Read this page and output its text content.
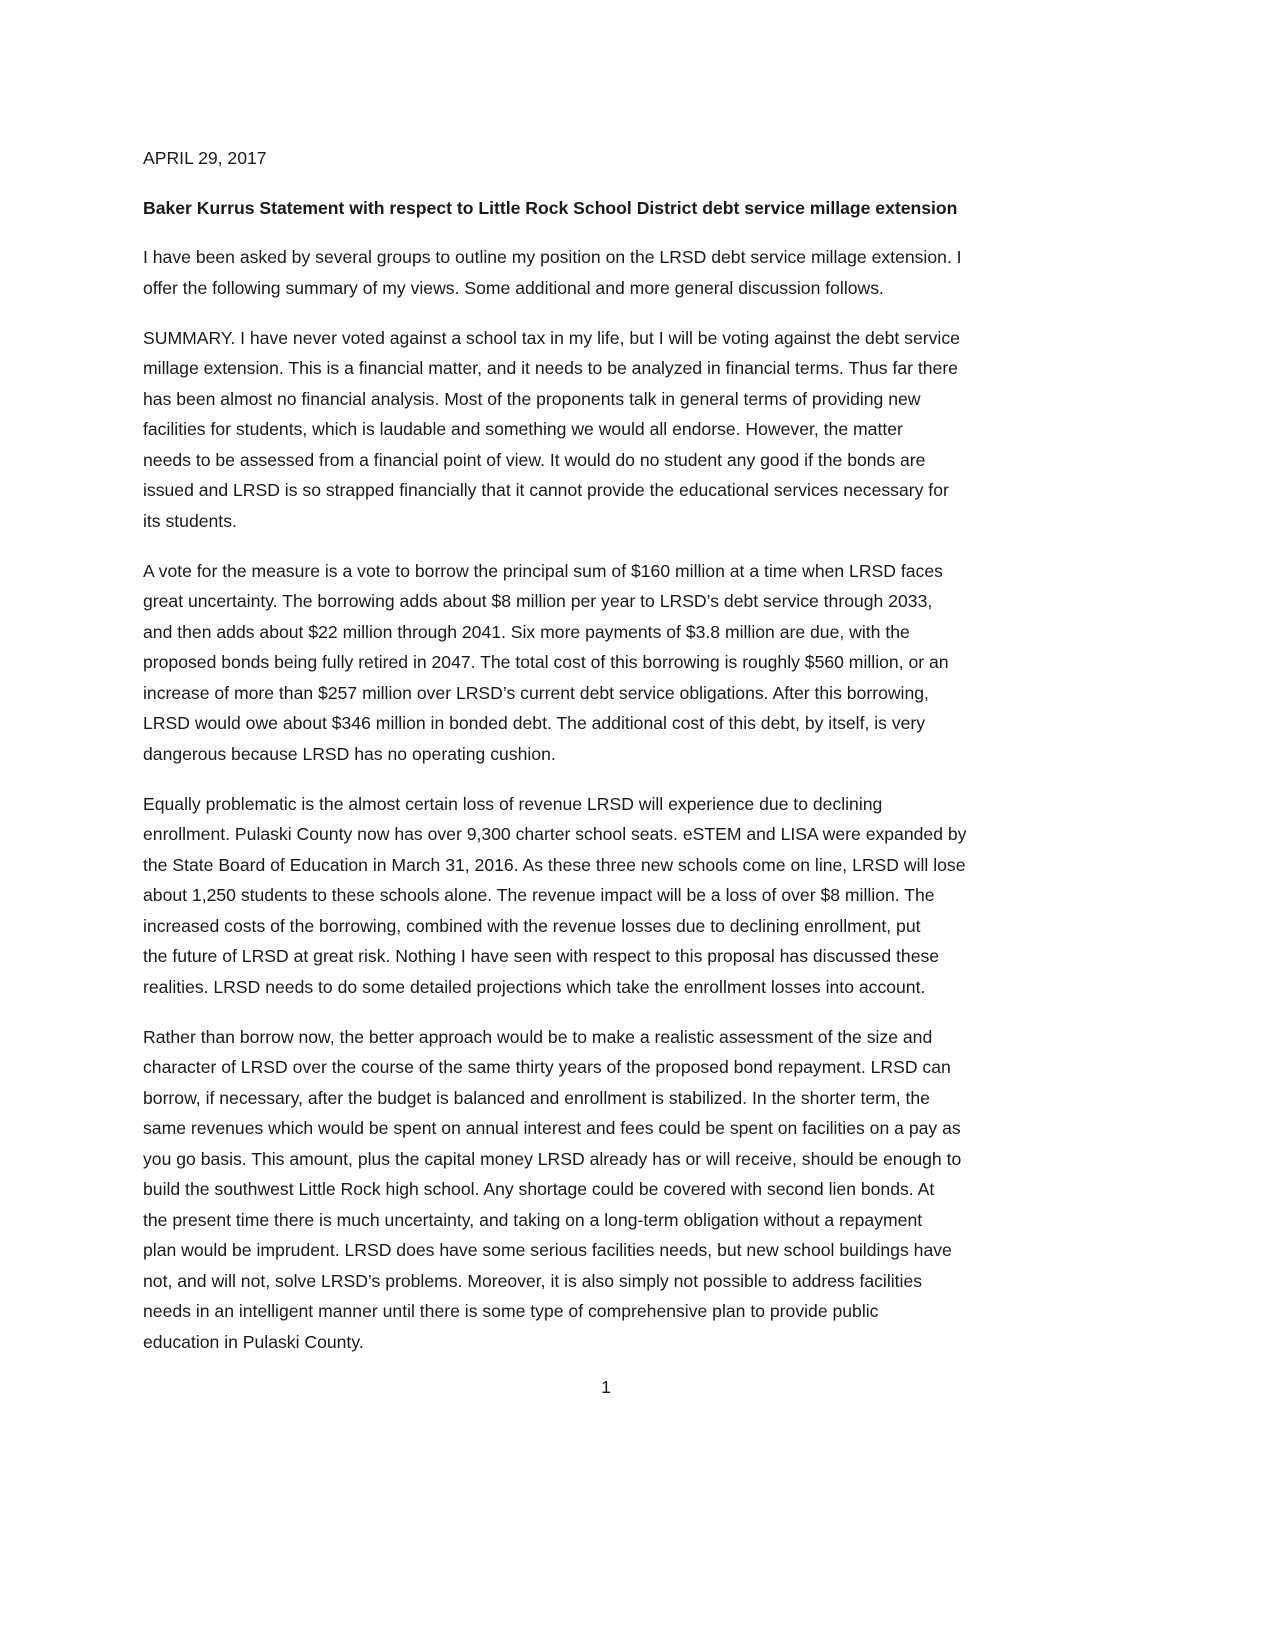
APRIL 29, 2017
Baker Kurrus Statement with respect to Little Rock School District debt service millage extension
I have been asked by several groups to outline my position on the LRSD debt service millage extension. I
offer the following summary of my views. Some additional and more general discussion follows.
SUMMARY. I have never voted against a school tax in my life, but I will be voting against the debt service
millage extension. This is a financial matter, and it needs to be analyzed in financial terms. Thus far there
has been almost no financial analysis. Most of the proponents talk in general terms of providing new
facilities for students, which is laudable and something we would all endorse. However, the matter
needs to be assessed from a financial point of view. It would do no student any good if the bonds are
issued and LRSD is so strapped financially that it cannot provide the educational services necessary for
its students.
A vote for the measure is a vote to borrow the principal sum of $160 million at a time when LRSD faces
great uncertainty. The borrowing adds about $8 million per year to LRSD’s debt service through 2033,
and then adds about $22 million through 2041. Six more payments of $3.8 million are due, with the
proposed bonds being fully retired in 2047. The total cost of this borrowing is roughly $560 million, or an
increase of more than $257 million over LRSD’s current debt service obligations. After this borrowing,
LRSD would owe about $346 million in bonded debt. The additional cost of this debt, by itself, is very
dangerous because LRSD has no operating cushion.
Equally problematic is the almost certain loss of revenue LRSD will experience due to declining
enrollment. Pulaski County now has over 9,300 charter school seats. eSTEM and LISA were expanded by
the State Board of Education in March 31, 2016. As these three new schools come on line, LRSD will lose
about 1,250 students to these schools alone. The revenue impact will be a loss of over $8 million. The
increased costs of the borrowing, combined with the revenue losses due to declining enrollment, put
the future of LRSD at great risk. Nothing I have seen with respect to this proposal has discussed these
realities. LRSD needs to do some detailed projections which take the enrollment losses into account.
Rather than borrow now, the better approach would be to make a realistic assessment of the size and
character of LRSD over the course of the same thirty years of the proposed bond repayment. LRSD can
borrow, if necessary, after the budget is balanced and enrollment is stabilized. In the shorter term, the
same revenues which would be spent on annual interest and fees could be spent on facilities on a pay as
you go basis. This amount, plus the capital money LRSD already has or will receive, should be enough to
build the southwest Little Rock high school. Any shortage could be covered with second lien bonds. At
the present time there is much uncertainty, and taking on a long-term obligation without a repayment
plan would be imprudent. LRSD does have some serious facilities needs, but new school buildings have
not, and will not, solve LRSD’s problems. Moreover, it is also simply not possible to address facilities
needs in an intelligent manner until there is some type of comprehensive plan to provide public
education in Pulaski County.
1
